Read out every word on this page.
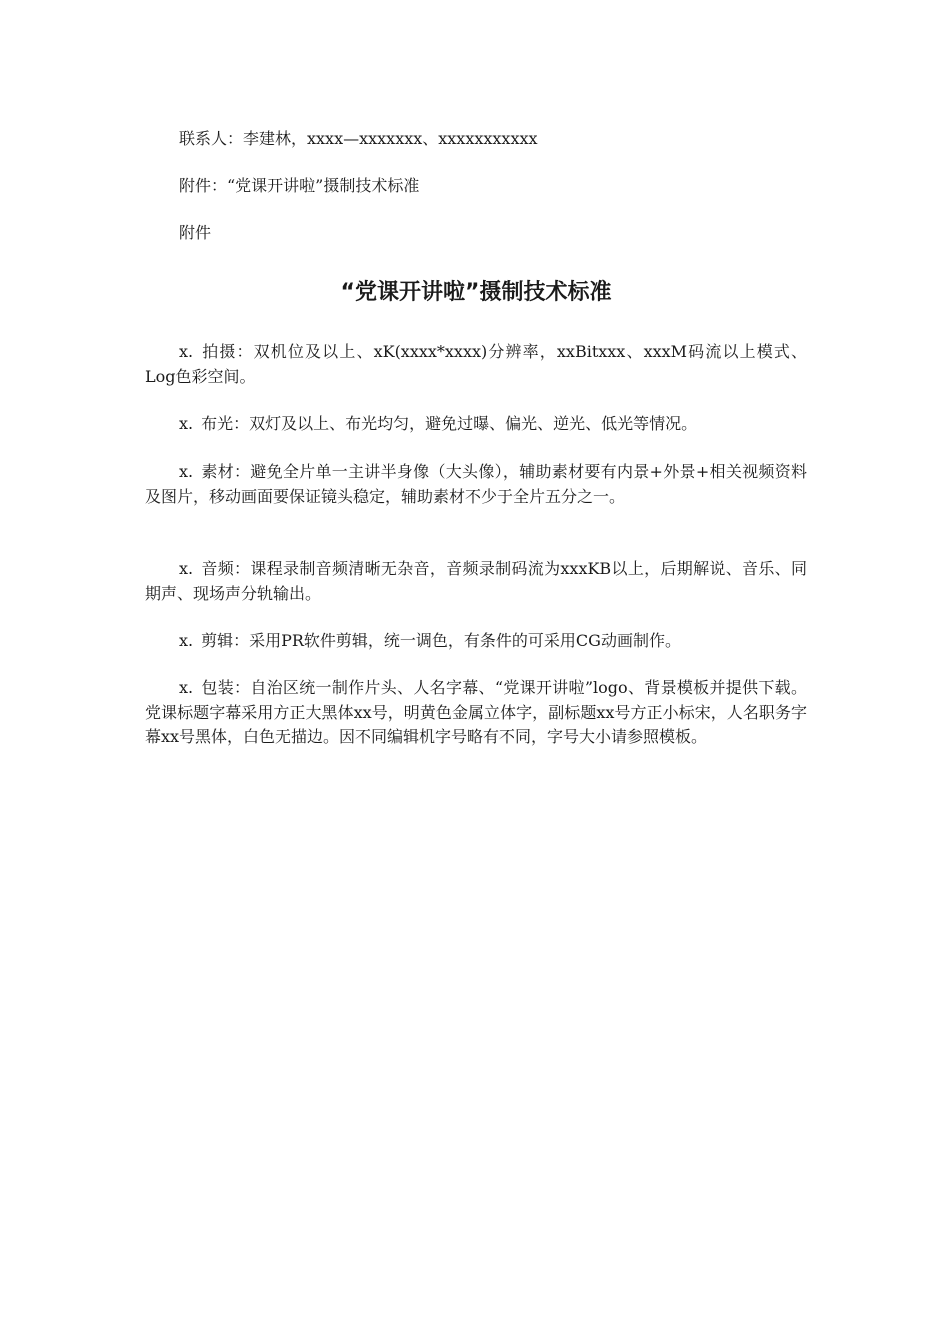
联系人：李建林，xxxx—xxxxxxx、xxxxxxxxxxx
附件：“党课开讲啦”摄制技术标准
附件
“党课开讲啦”摄制技术标准

x. 拍摄：双机位及以上、xK(xxxx*xxxx)分辨率，xxBitxxx、xxxM码流以上模式、Log色彩空间。

x. 布光：双灯及以上、布光均匀，避免过曝、偏光、逆光、低光等情况。

x. 素材：避免全片单一主讲半身像（大头像），辅助素材要有内景+外景+相关视频资料及图片，移动画面要保证镜头稳定，辅助素材不少于全片五分之一。

x. 音频：课程录制音频清晰无杂音，音频录制码流为xxxKB以上，后期解说、音乐、同期声、现场声分轨输出。

x. 剪辑：采用PR软件剪辑，统一调色，有条件的可采用CG动画制作。

x. 包装：自治区统一制作片头、人名字幕、“党课开讲啦”logo、背景模板并提供下载。党课标题字幕采用方正大黑体xx号，明黄色金属立体字，副标题xx号方正小标宋，人名职务字幕xx号黑体，白色无描边。因不同编辑机字号略有不同，字号大小请参照模板。
